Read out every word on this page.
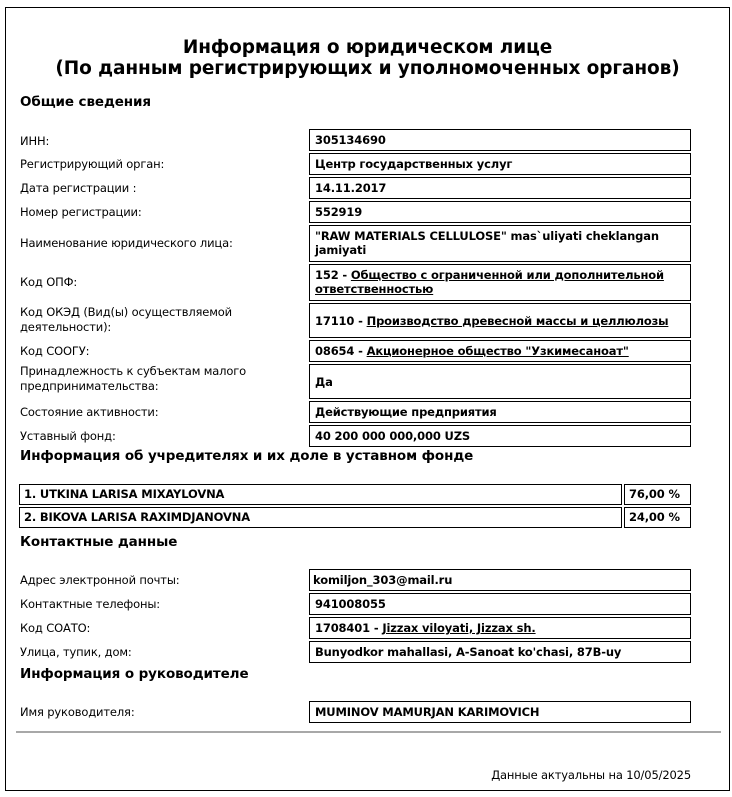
Информация о юридическом лице
(По данным регистрирующих и уполномоченных органов)
Общие сведения
ИНН:	305134690
Регистрирующий орган:	Центр государственных услуг
Дата регистрации :	14.11.2017
Номер регистрации:	552919
Наименование юридического лица:	"RAW MATERIALS CELLULOSE" mas`uliyati cheklangan jamiyati
Код ОПФ:	152 - Общество с ограниченной или дополнительной ответственностью
Код ОКЭД (Вид(ы) осуществляемой деятельности):	17110 - Производство древесной массы и целлюлозы
Код СООГУ:	08654 - Акционерное общество "Узкимесаноат"
Принадлежность к субъектам малого предпринимательства:	Да
Состояние активности:	Действующие предприятия
Уставный фонд:	40 200 000 000,000 UZS
Информация об учредителях и их доле в уставном фонде
1. UTKINA LARISA MIXAYLOVNA	76,00 %
2. BIKOVA LARISA RAXIMDJANOVNA	24,00 %
Контактные данные
Адрес электронной почты:	komiljon_303@mail.ru
Контактные телефоны:	941008055
Код СОАТО:	1708401 - Jizzax viloyati, Jizzax sh.
Улица, тупик, дом:	Bunyodkor mahallasi, A-Sanoat ko'chasi, 87B-uy
Информация о руководителе
Имя руководителя:	MUMINOV MAMURJAN KARIMOVICH
Данные актуальны на 10/05/2025
